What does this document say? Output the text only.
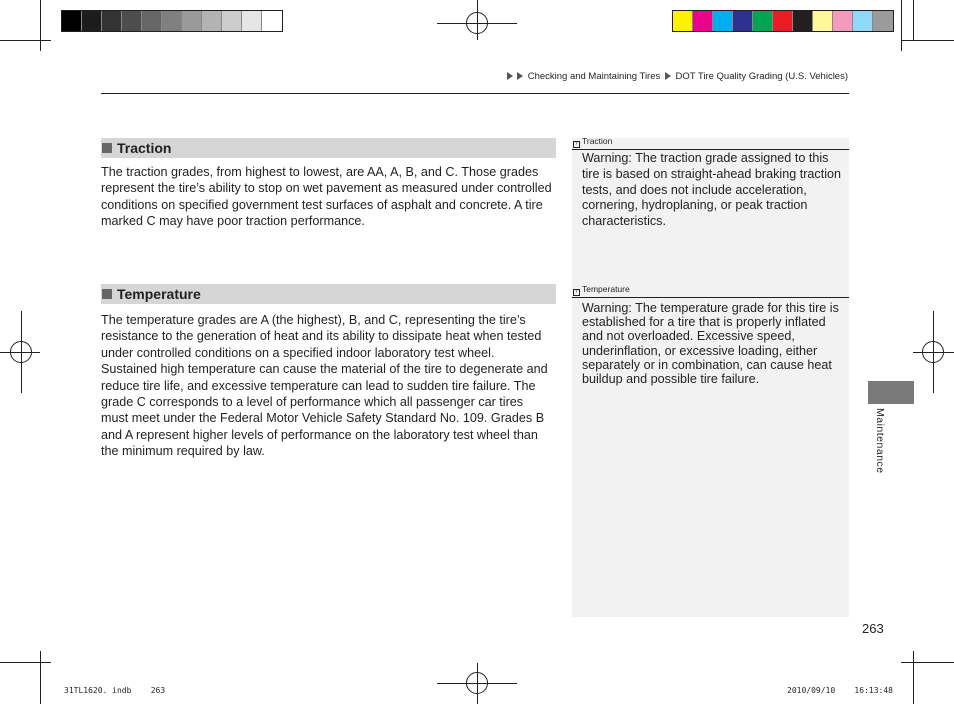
Checking and Maintaining Tires DOT Tire Quality Grading (U.S. Vehicles)
Traction
The traction grades, from highest to lowest, are AA, A, B, and C. Those grades represent the tire’s ability to stop on wet pavement as measured under controlled conditions on specified government test surfaces of asphalt and concrete. A tire marked C may have poor traction performance.
Temperature
The temperature grades are A (the highest), B, and C, representing the tire’s resistance to the generation of heat and its ability to dissipate heat when tested under controlled conditions on a specified indoor laboratory test wheel. Sustained high temperature can cause the material of the tire to degenerate and reduce tire life, and excessive temperature can lead to sudden tire failure. The grade C corresponds to a level of performance which all passenger car tires must meet under the Federal Motor Vehicle Safety Standard No. 109. Grades B and A represent higher levels of performance on the laboratory test wheel than the minimum required by law.
› Traction
Warning: The traction grade assigned to this tire is based on straight-ahead braking traction tests, and does not include acceleration, cornering, hydroplaning, or peak traction characteristics.
› Temperature
Warning: The temperature grade for this tire is established for a tire that is properly inflated and not overloaded. Excessive speed, underinflation, or excessive loading, either separately or in combination, can cause heat buildup and possible tire failure.
Maintenance
263
31TL1620. indb    263	2010/09/10    16:13:48
